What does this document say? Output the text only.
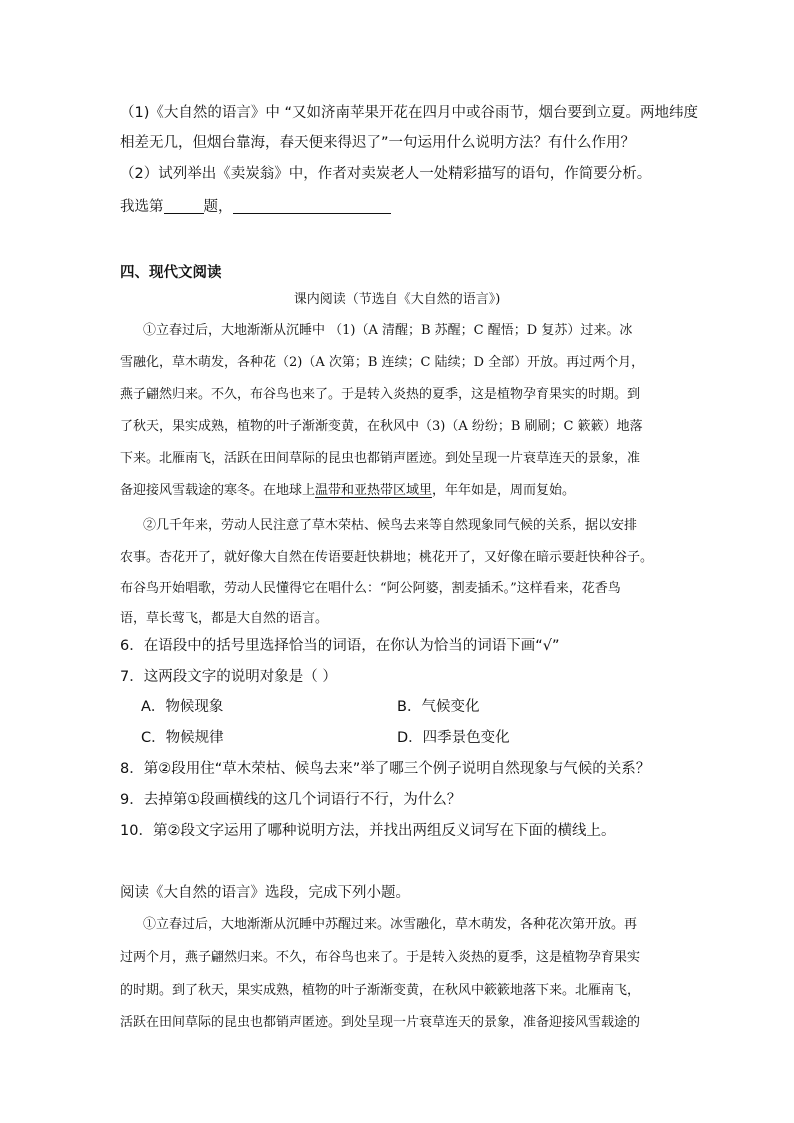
（1)《大自然的语言》中 “又如济南苹果开花在四月中或谷雨节，烟台要到立夏。两地纬度
相差无几，但烟台靠海，春天便来得迟了”一句运用什么说明方法？有什么作用？
（2）试列举出《卖炭翁》中，作者对卖炭老人一处精彩描写的语句，作简要分析。
我选第	题，
四、现代文阅读
课内阅读（节选自《大自然的语言》)
①立春过后，大地渐渐从沉睡中 （1)（A 清醒；B 苏醒；C 醒悟；D 复苏）过来。冰
雪融化，草木萌发，各种花（2)（A 次第；B 连续；C 陆续；D 全部）开放。再过两个月，
燕子翩然归来。不久，布谷鸟也来了。于是转入炎热的夏季，这是植物孕育果实的时期。到
了秋天，果实成熟，植物的叶子渐渐变黄，在秋风中（3)（A 纷纷；B 刷刷；C 簌簌）地落
下来。北雁南飞，活跃在田间草际的昆虫也都销声匿迹。到处呈现一片衰草连天的景象，准
备迎接风雪载途的寒冬。在地球上温带和亚热带区域里，年年如是，周而复始。
②几千年来，劳动人民注意了草木荣枯、候鸟去来等自然现象同气候的关系，据以安排
农事。杏花开了，就好像大自然在传语要赶快耕地；桃花开了，又好像在暗示要赶快种谷子。
布谷鸟开始唱歌，劳动人民懂得它在唱什么：“阿公阿婆，割麦插禾。”这样看来，花香鸟
语，草长莺飞，都是大自然的语言。
6．在语段中的括号里选择恰当的词语，在你认为恰当的词语下画“√”
7．这两段文字的说明对象是（ ）
A．物候现象	B．气候变化
C．物候规律	D．四季景色变化
8．第②段用住“草木荣枯、候鸟去来”举了哪三个例子说明自然现象与气候的关系？
9．去掉第①段画横线的这几个词语行不行，为什么？
10．第②段文字运用了哪种说明方法，并找出两组反义词写在下面的横线上。
阅读《大自然的语言》选段，完成下列小题。
①立春过后，大地渐渐从沉睡中苏醒过来。冰雪融化，草木萌发，各种花次第开放。再
过两个月，燕子翩然归来。不久，布谷鸟也来了。于是转入炎热的夏季，这是植物孕育果实
的时期。到了秋天，果实成熟，植物的叶子渐渐变黄，在秋风中簌簌地落下来。北雁南飞，
活跃在田间草际的昆虫也都销声匿迹。到处呈现一片衰草连天的景象，准备迎接风雪载途的
